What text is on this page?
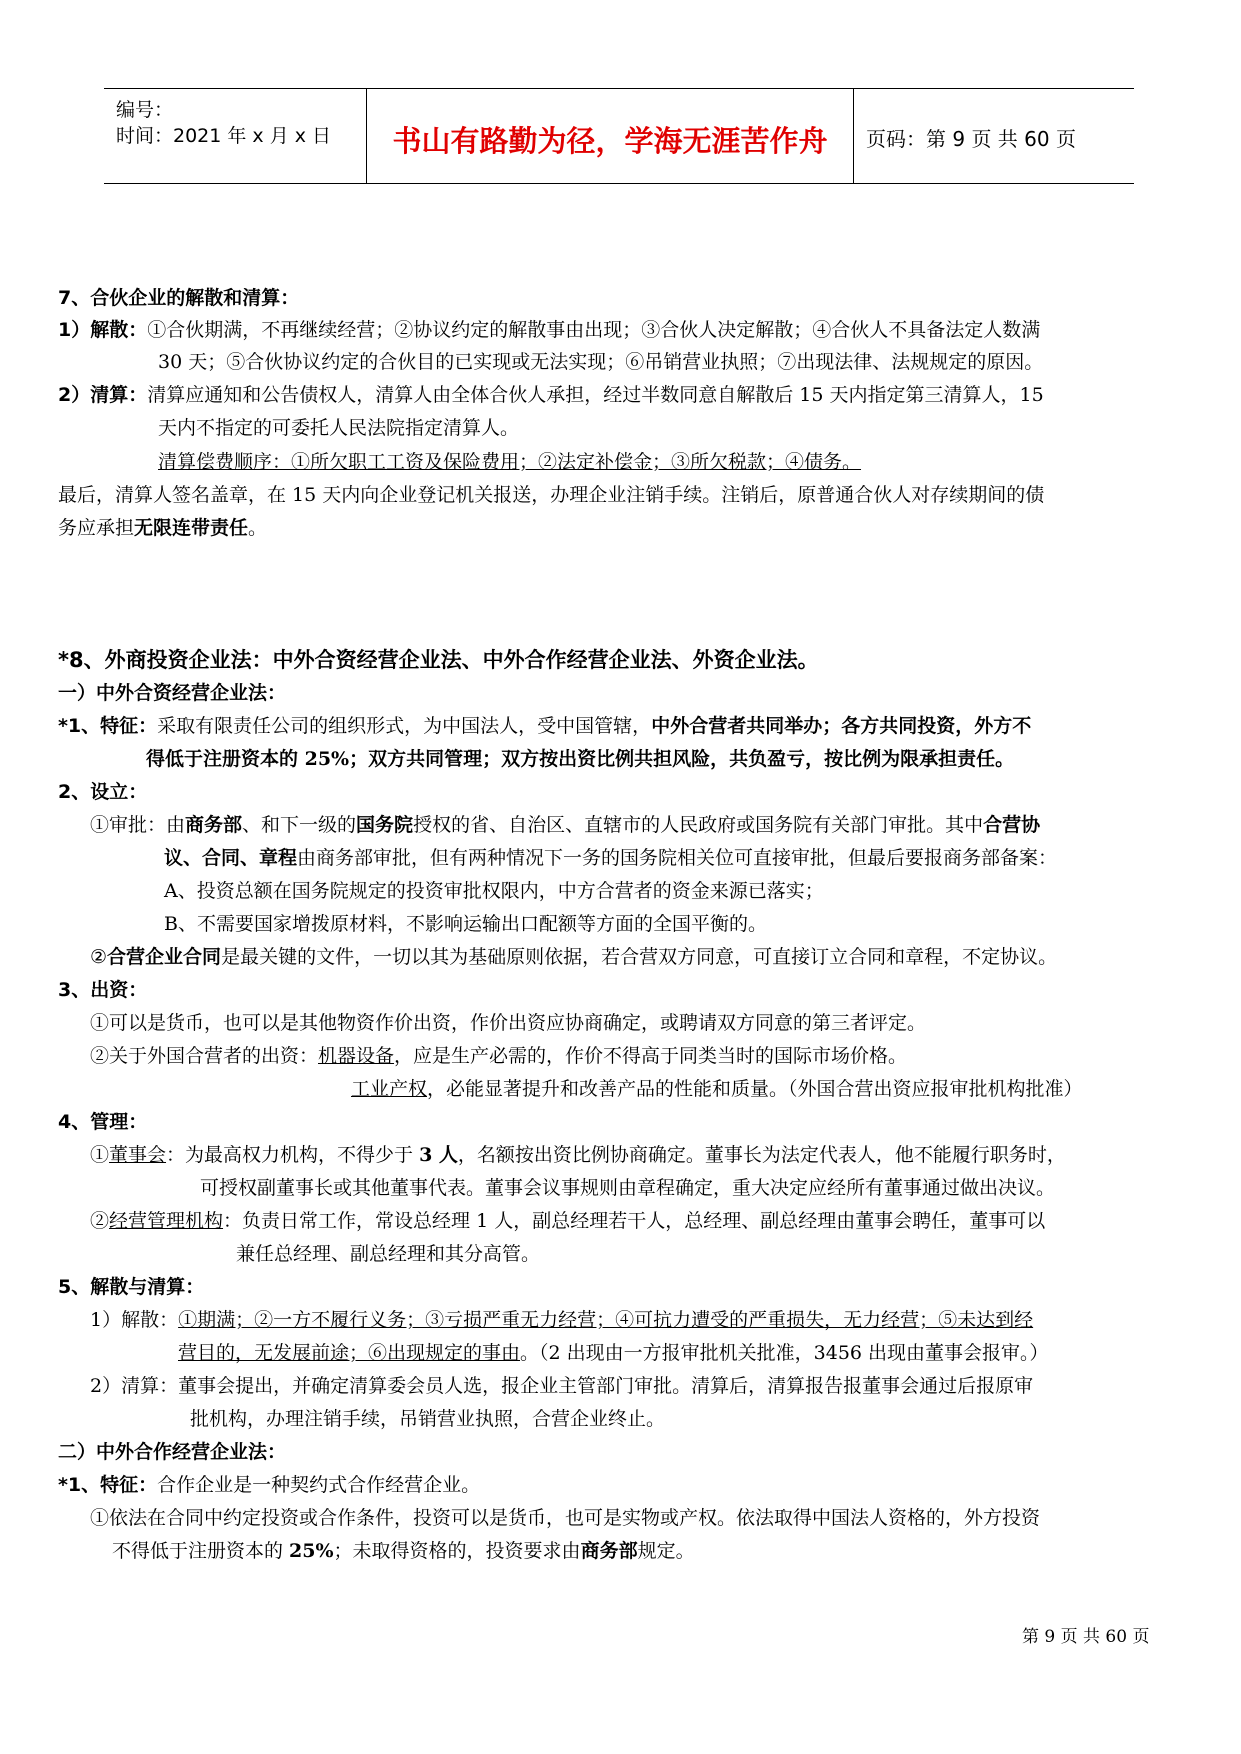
编号：
时间：2021 年 x 月 x 日	书山有路勤为径，学海无涯苦作舟	页码：第 9 页 共 60 页
7、合伙企业的解散和清算：
1）解散：①合伙期满，不再继续经营；②协议约定的解散事由出现；③合伙人决定解散；④合伙人不具备法定人数满
30 天；⑤合伙协议约定的合伙目的已实现或无法实现；⑥吊销营业执照；⑦出现法律、法规规定的原因。
2）清算：清算应通知和公告债权人，清算人由全体合伙人承担，经过半数同意自解散后 15 天内指定第三清算人，15
天内不指定的可委托人民法院指定清算人。
清算偿费顺序：①所欠职工工资及保险费用；②法定补偿金；③所欠税款；④债务。
最后，清算人签名盖章，在 15 天内向企业登记机关报送，办理企业注销手续。注销后，原普通合伙人对存续期间的债
务应承担无限连带责任。
*8、外商投资企业法：中外合资经营企业法、中外合作经营企业法、外资企业法。
一）中外合资经营企业法：
*1、特征：采取有限责任公司的组织形式，为中国法人，受中国管辖，中外合营者共同举办；各方共同投资，外方不
得低于注册资本的 25%；双方共同管理；双方按出资比例共担风险，共负盈亏，按比例为限承担责任。
2、设立：
①审批：由商务部、和下一级的国务院授权的省、自治区、直辖市的人民政府或国务院有关部门审批。其中合营协
议、合同、章程由商务部审批，但有两种情况下一务的国务院相关位可直接审批，但最后要报商务部备案：
A、投资总额在国务院规定的投资审批权限内，中方合营者的资金来源已落实；
B、不需要国家增拨原材料，不影响运输出口配额等方面的全国平衡的。
②合营企业合同是最关键的文件，一切以其为基础原则依据，若合营双方同意，可直接订立合同和章程，不定协议。
3、出资：
①可以是货币，也可以是其他物资作价出资，作价出资应协商确定，或聘请双方同意的第三者评定。
②关于外国合营者的出资：机器设备，应是生产必需的，作价不得高于同类当时的国际市场价格。
工业产权，必能显著提升和改善产品的性能和质量。（外国合营出资应报审批机构批准）
4、管理：
①董事会：为最高权力机构，不得少于 3 人，名额按出资比例协商确定。董事长为法定代表人，他不能履行职务时，
可授权副董事长或其他董事代表。董事会议事规则由章程确定，重大决定应经所有董事通过做出决议。
②经营管理机构：负责日常工作，常设总经理 1 人，副总经理若干人，总经理、副总经理由董事会聘任，董事可以
兼任总经理、副总经理和其分高管。
5、解散与清算：
1）解散：①期满；②一方不履行义务；③亏损严重无力经营；④可抗力遭受的严重损失，无力经营；⑤未达到经
营目的，无发展前途；⑥出现规定的事由。（2 出现由一方报审批机关批准，3456 出现由董事会报审。）
2）清算：董事会提出，并确定清算委会员人选，报企业主管部门审批。清算后，清算报告报董事会通过后报原审
批机构，办理注销手续，吊销营业执照，合营企业终止。
二）中外合作经营企业法：
*1、特征：合作企业是一种契约式合作经营企业。
①依法在合同中约定投资或合作条件，投资可以是货币，也可是实物或产权。依法取得中国法人资格的，外方投资
不得低于注册资本的 25%；未取得资格的，投资要求由商务部规定。
第 9 页 共 60 页
